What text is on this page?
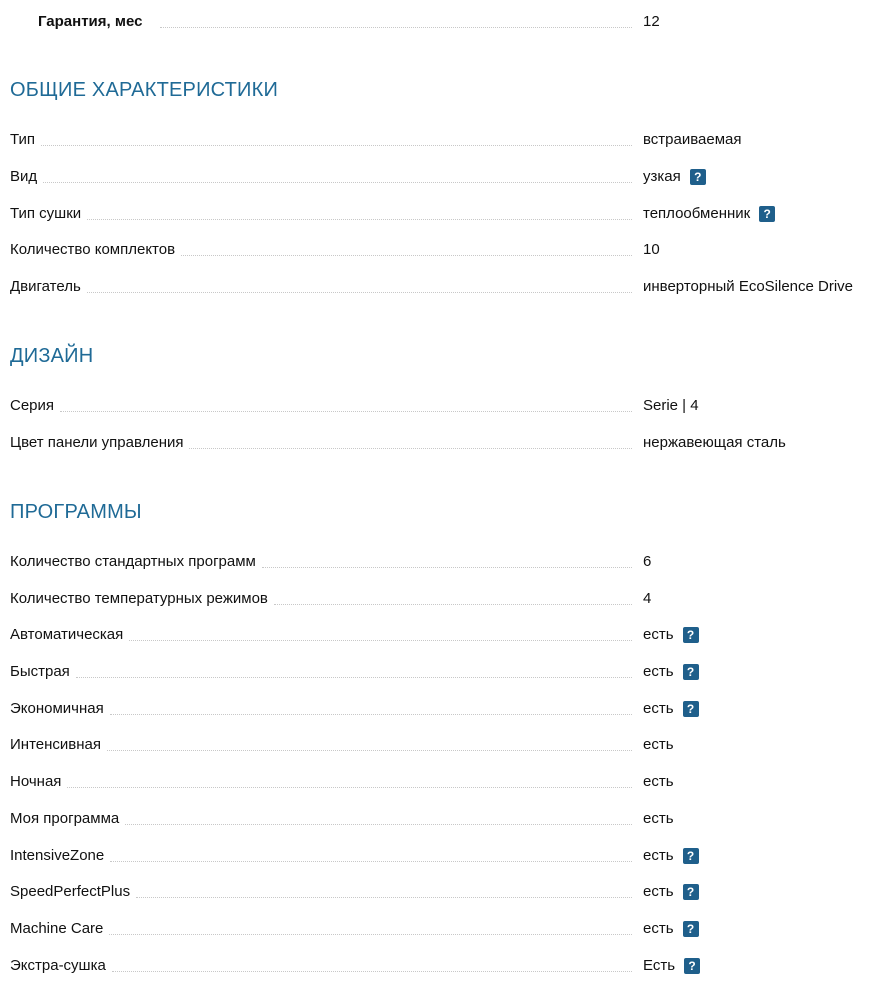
Гарантия, мес	12
ОБЩИЕ ХАРАКТЕРИСТИКИ
Тип	встраиваемая
Вид	узкая	?
Тип сушки	теплообменник	?
Количество комплектов	10
Двигатель	инверторный EcoSilence Drive
ДИЗАЙН
Серия	Serie | 4
Цвет панели управления	нержавеющая сталь
ПРОГРАММЫ
Количество стандартных программ	6
Количество температурных режимов	4
Автоматическая	есть	?
Быстрая	есть	?
Экономичная	есть	?
Интенсивная	есть
Ночная	есть
Моя программа	есть
IntensiveZone	есть	?
SpeedPerfectPlus	есть	?
Machine Care	есть	?
Экстра-сушка	Есть	?
